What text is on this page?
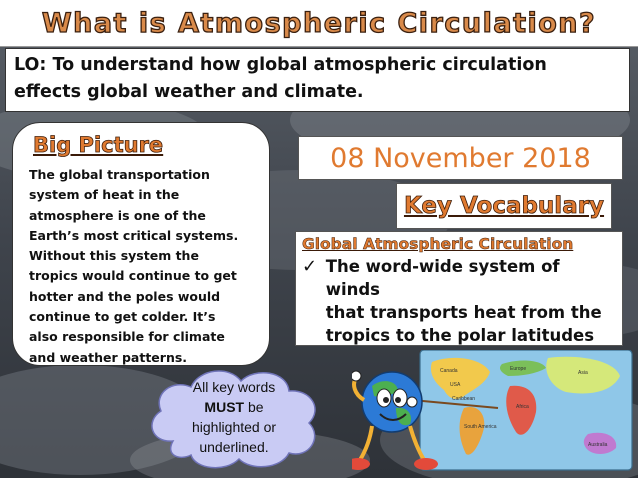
What is Atmospheric Circulation?

LO: To understand how global atmospheric circulation

effects global weather and climate.

Big Picture

The global transportation
system of heat in the
atmosphere is one of the
Earth’s most critical systems.
Without this system the
tropics would continue to get
hotter and the poles would
continue to get colder. It’s
also responsible for climate
and weather patterns.

08 November 2018
Key Vocabulary
Global Atmospheric Circulation
✓ The word-wide system of winds
that transports heat from the
tropics to the polar latitudes

All key words
MUST be
highlighted or
underlined.
Canada	Europe
Asia
USA
Caribbean
Africa
South America
Australia
